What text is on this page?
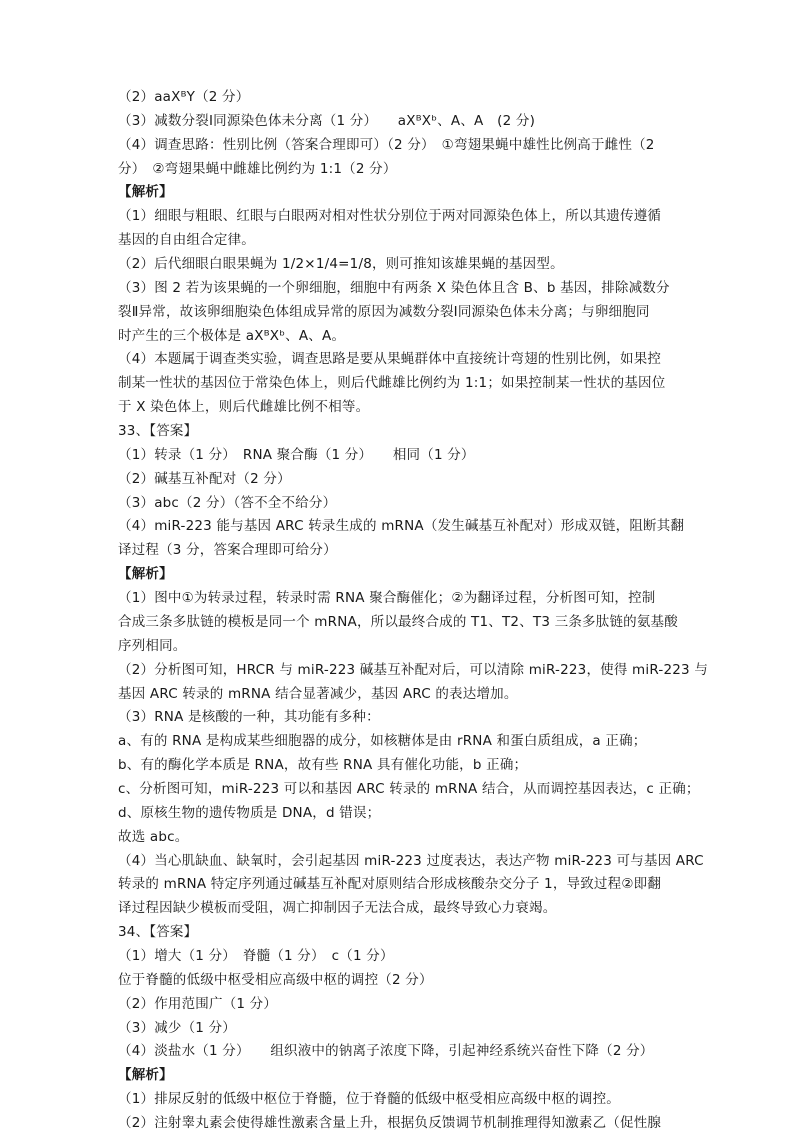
（2）aaXᴮY（2 分）
（3）减数分裂Ⅰ同源染色体未分离（1 分）　　aXᴮXᵇ、A、A　(2 分)
（4）调查思路：性别比例（答案合理即可）（2 分）　①弯翅果蝇中雄性比例高于雌性（2
分）　②弯翅果蝇中雌雄比例约为 1:1（2 分）
【解析】
（1）细眼与粗眼、红眼与白眼两对相对性状分别位于两对同源染色体上，所以其遗传遵循
基因的自由组合定律。
（2）后代细眼白眼果蝇为 1/2×1/4=1/8，则可推知该雄果蝇的基因型。
（3）图 2 若为该果蝇的一个卵细胞，细胞中有两条 X 染色体且含 B、b 基因，排除减数分
裂Ⅱ异常，故该卵细胞染色体组成异常的原因为减数分裂Ⅰ同源染色体未分离；与卵细胞同
时产生的三个极体是 aXᴮXᵇ、A、A。
（4）本题属于调查类实验，调查思路是要从果蝇群体中直接统计弯翅的性别比例，如果控
制某一性状的基因位于常染色体上，则后代雌雄比例约为 1:1；如果控制某一性状的基因位
于 X 染色体上，则后代雌雄比例不相等。
33、【答案】
（1）转录（1 分）　RNA 聚合酶（1 分）　　相同（1 分）
（2）碱基互补配对（2 分）
（3）abc（2 分）（答不全不给分）
（4）miR-223 能与基因 ARC 转录生成的 mRNA（发生碱基互补配对）形成双链，阻断其翻
译过程（3 分，答案合理即可给分）
【解析】
（1）图中①为转录过程，转录时需 RNA 聚合酶催化；②为翻译过程，分析图可知，控制
合成三条多肽链的模板是同一个 mRNA，所以最终合成的 T1、T2、T3 三条多肽链的氨基酸
序列相同。
（2）分析图可知，HRCR 与 miR-223 碱基互补配对后，可以清除 miR-223，使得 miR-223 与
基因 ARC 转录的 mRNA 结合显著减少，基因 ARC 的表达增加。
（3）RNA 是核酸的一种，其功能有多种：
a、有的 RNA 是构成某些细胞器的成分，如核糖体是由 rRNA 和蛋白质组成，a 正确；
b、有的酶化学本质是 RNA，故有些 RNA 具有催化功能，b 正确；
c、分析图可知，miR-223 可以和基因 ARC 转录的 mRNA 结合，从而调控基因表达，c 正确；
d、原核生物的遗传物质是 DNA，d 错误；
故选 abc。
（4）当心肌缺血、缺氧时，会引起基因 miR-223 过度表达，表达产物 miR-223 可与基因 ARC
转录的 mRNA 特定序列通过碱基互补配对原则结合形成核酸杂交分子 1，导致过程②即翻
译过程因缺少模板而受阻，凋亡抑制因子无法合成，最终导致心力衰竭。
34、【答案】
（1）增大（1 分）　脊髓（1 分）　c（1 分）
位于脊髓的低级中枢受相应高级中枢的调控（2 分）
（2）作用范围广（1 分）
（3）减少（1 分）
（4）淡盐水（1 分）　　组织液中的钠离子浓度下降，引起神经系统兴奋性下降（2 分）
【解析】
（1）排尿反射的低级中枢位于脊髓，位于脊髓的低级中枢受相应高级中枢的调控。
（2）注射睾丸素会使得雄性激素含量上升，根据负反馈调节机制推理得知激素乙（促性腺
